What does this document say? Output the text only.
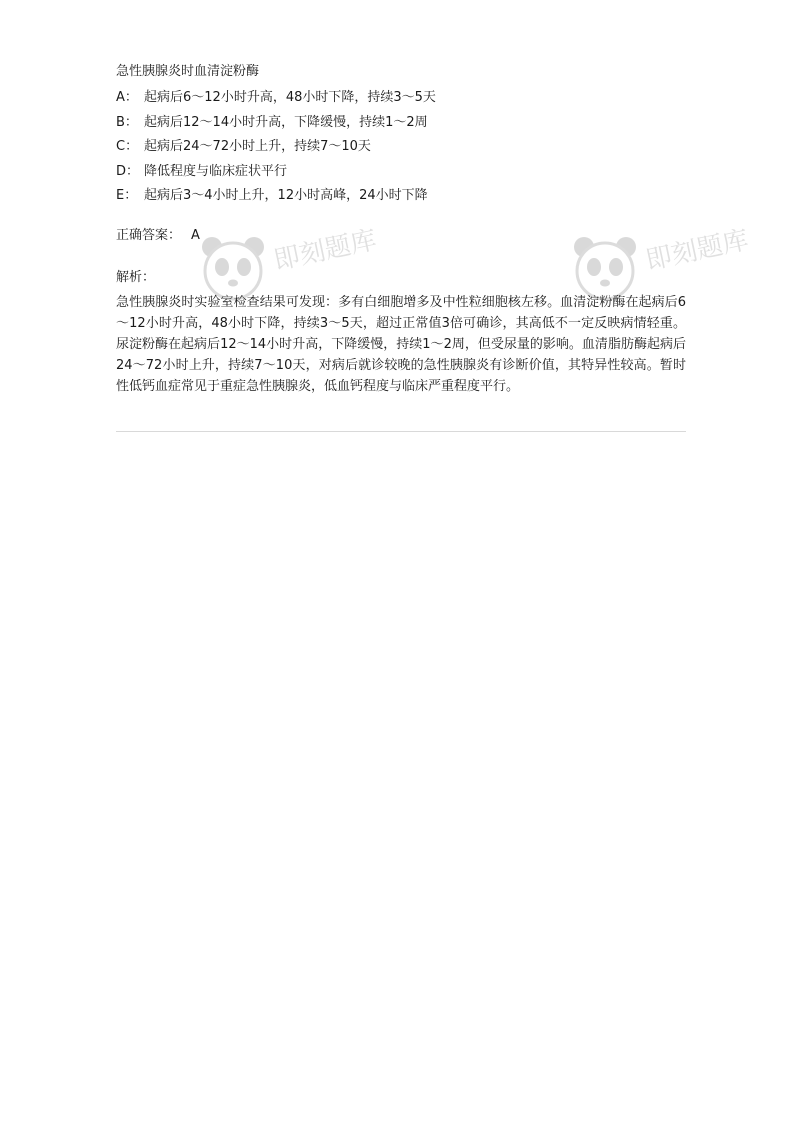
急性胰腺炎时血清淀粉酶
A： 起病后6～12小时升高，48小时下降，持续3～5天
B： 起病后12～14小时升高，下降缓慢，持续1～2周
C： 起病后24～72小时上升，持续7～10天
D： 降低程度与临床症状平行
E： 起病后3～4小时上升，12小时高峰，24小时下降
正确答案： A
解析：
急性胰腺炎时实验室检查结果可发现：多有白细胞增多及中性粒细胞核左移。血清淀粉酶在起病后6～12小时升高，48小时下降，持续3～5天，超过正常值3倍可确诊，其高低不一定反映病情轻重。尿淀粉酶在起病后12～14小时升高，下降缓慢，持续1～2周，但受尿量的影响。血清脂肪酶起病后24～72小时上升，持续7～10天，对病后就诊较晚的急性胰腺炎有诊断价值，其特异性较高。暂时性低钙血症常见于重症急性胰腺炎，低血钙程度与临床严重程度平行。
即刻题库	即刻题库
